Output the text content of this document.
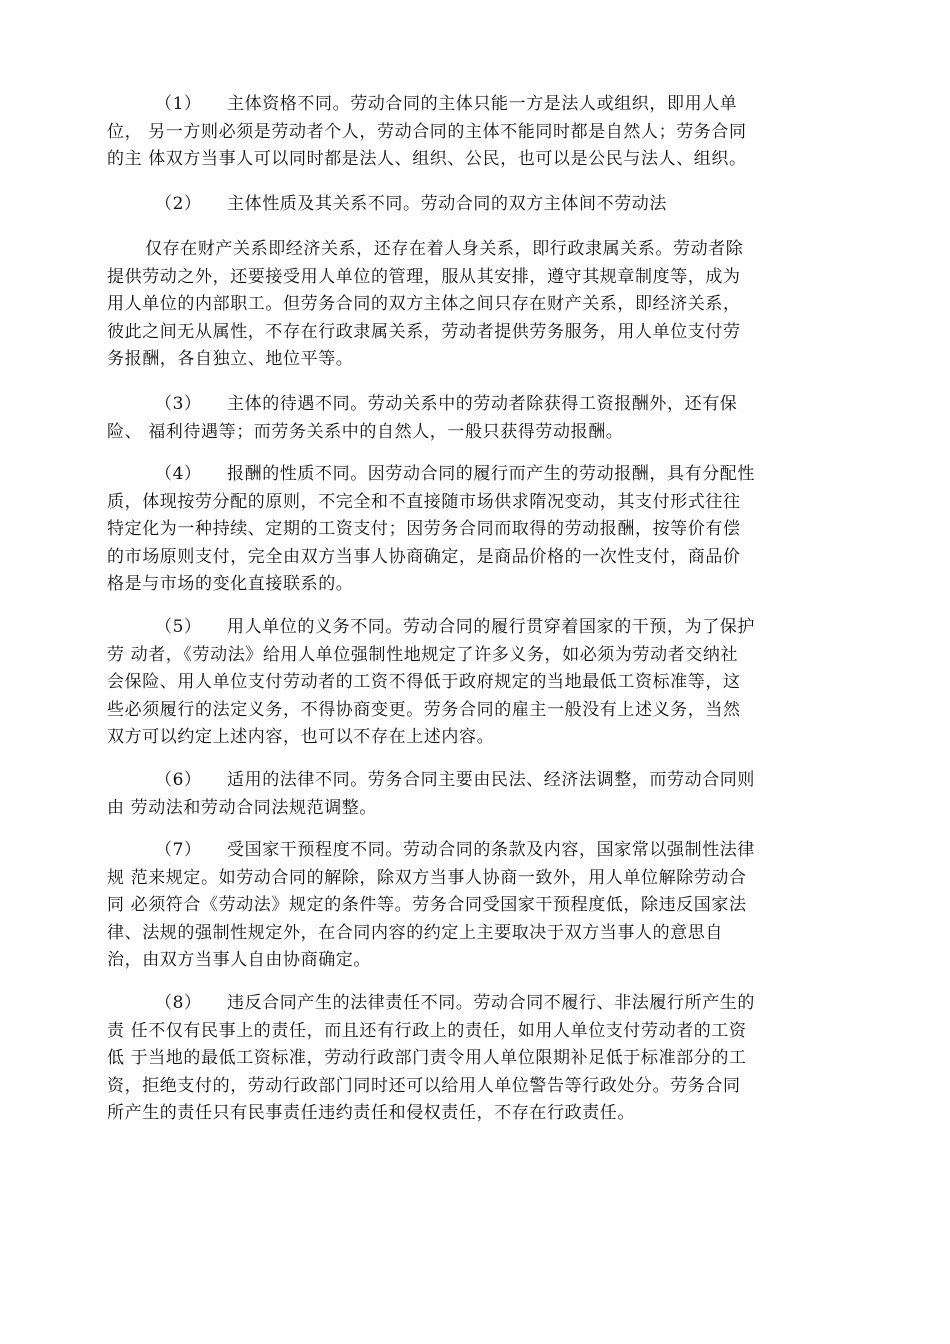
（1） 主体资格不同。劳动合同的主体只能一方是法人或组织，即用人单
位， 另一方则必须是劳动者个人，劳动合同的主体不能同时都是自然人；劳务合同
的主 体双方当事人可以同时都是法人、组织、公民，也可以是公民与法人、组织。

（2） 主体性质及其关系不同。劳动合同的双方主体间不劳动法

仅存在财产关系即经济关系，还存在着人身关系，即行政隶属关系。劳动者除
提供劳动之外，还要接受用人单位的管理，服从其安排，遵守其规章制度等，成为
用人单位的内部职工。但劳务合同的双方主体之间只存在财产关系，即经济关系，
彼此之间无从属性，不存在行政隶属关系，劳动者提供劳务服务，用人单位支付劳
务报酬，各自独立、地位平等。

（3） 主体的待遇不同。劳动关系中的劳动者除获得工资报酬外，还有保
险、 福利待遇等；而劳务关系中的自然人，一般只获得劳动报酬。

（4） 报酬的性质不同。因劳动合同的履行而产生的劳动报酬，具有分配性
质，体现按劳分配的原则，不完全和不直接随市场供求隋况变动，其支付形式往往
特定化为一种持续、定期的工资支付；因劳务合同而取得的劳动报酬，按等价有偿
的市场原则支付，完全由双方当事人协商确定，是商品价格的一次性支付，商品价
格是与市场的变化直接联系的。

（5） 用人单位的义务不同。劳动合同的履行贯穿着国家的干预，为了保护
劳 动者，《劳动法》给用人单位强制性地规定了许多义务，如必须为劳动者交纳社
会保险、用人单位支付劳动者的工资不得低于政府规定的当地最低工资标准等，这
些必须履行的法定义务，不得协商变更。劳务合同的雇主一般没有上述义务，当然
双方可以约定上述内容，也可以不存在上述内容。

（6） 适用的法律不同。劳务合同主要由民法、经济法调整，而劳动合同则
由 劳动法和劳动合同法规范调整。

（7） 受国家干预程度不同。劳动合同的条款及内容，国家常以强制性法律
规 范来规定。如劳动合同的解除，除双方当事人协商一致外，用人单位解除劳动合
同 必须符合《劳动法》规定的条件等。劳务合同受国家干预程度低，除违反国家法
律、法规的强制性规定外，在合同内容的约定上主要取决于双方当事人的意思自
治，由双方当事人自由协商确定。

（8） 违反合同产生的法律责任不同。劳动合同不履行、非法履行所产生的
责 任不仅有民事上的责任，而且还有行政上的责任，如用人单位支付劳动者的工资
低 于当地的最低工资标准，劳动行政部门责令用人单位限期补足低于标准部分的工
资，拒绝支付的，劳动行政部门同时还可以给用人单位警告等行政处分。劳务合同
所产生的责任只有民事责任违约责任和侵权责任，不存在行政责任。
